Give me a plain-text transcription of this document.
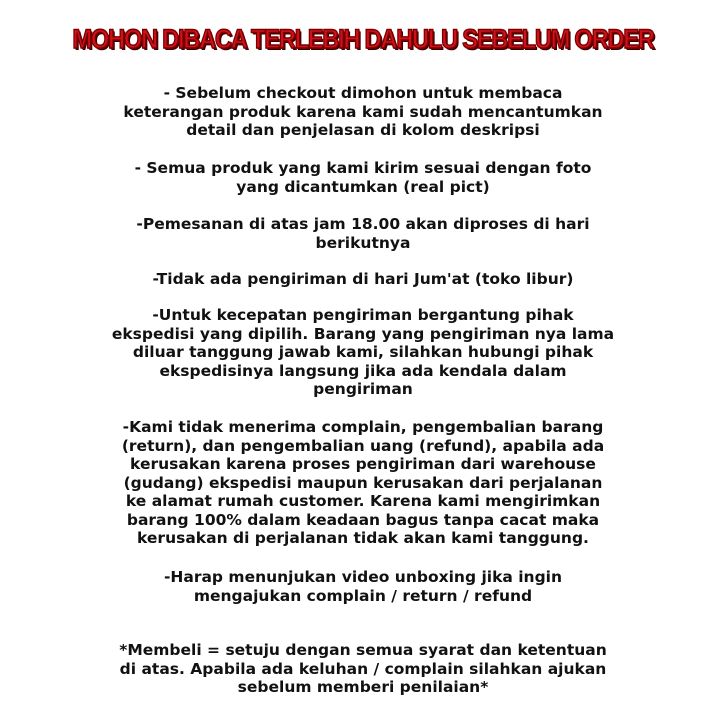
MOHON DIBACA TERLEBIH DAHULU SEBELUM ORDER
- Sebelum checkout dimohon untuk membaca
keterangan produk karena kami sudah mencantumkan
detail dan penjelasan di kolom deskripsi
- Semua produk yang kami kirim sesuai dengan foto
yang dicantumkan (real pict)
-Pemesanan di atas jam 18.00 akan diproses di hari
berikutnya
-Tidak ada pengiriman di hari Jum'at (toko libur)
-Untuk kecepatan pengiriman bergantung pihak
ekspedisi yang dipilih. Barang yang pengiriman nya lama
diluar tanggung jawab kami, silahkan hubungi pihak
ekspedisinya langsung jika ada kendala dalam
pengiriman
-Kami tidak menerima complain, pengembalian barang
(return), dan pengembalian uang (refund), apabila ada
kerusakan karena proses pengiriman dari warehouse
(gudang) ekspedisi maupun kerusakan dari perjalanan
ke alamat rumah customer. Karena kami mengirimkan
barang 100% dalam keadaan bagus tanpa cacat maka
kerusakan di perjalanan tidak akan kami tanggung.
-Harap menunjukan video unboxing jika ingin
mengajukan complain / return / refund
*Membeli = setuju dengan semua syarat dan ketentuan
di atas. Apabila ada keluhan / complain silahkan ajukan
sebelum memberi penilaian*
